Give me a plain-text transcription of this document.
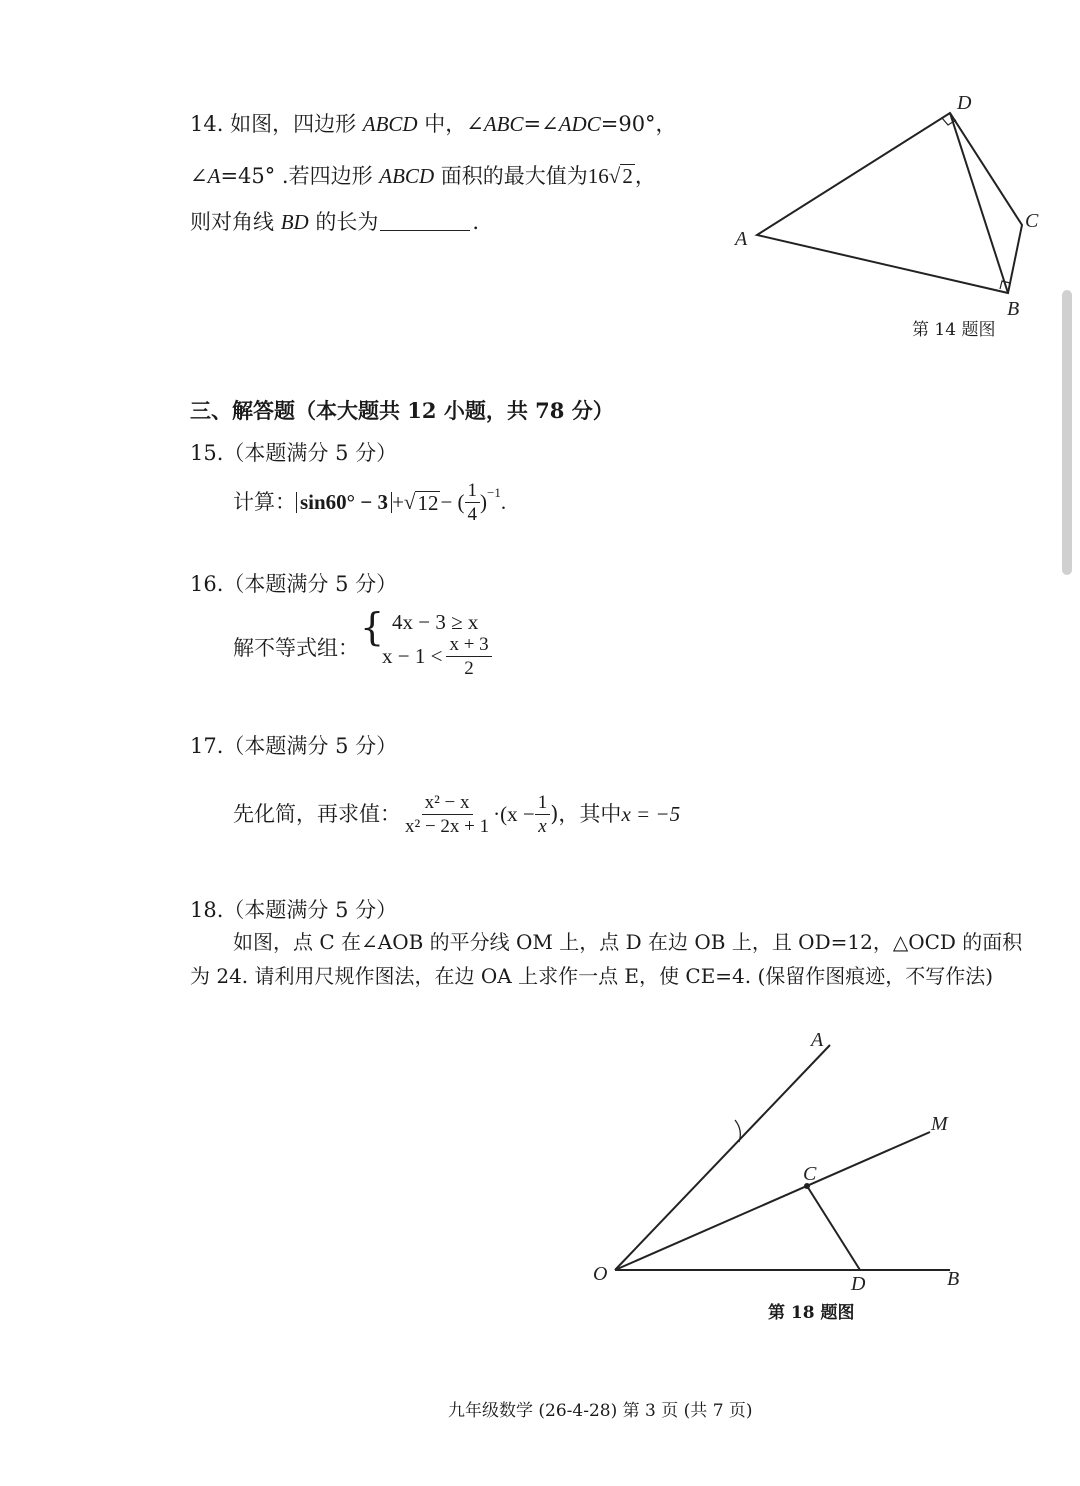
14. 如图，四边形 ABCD 中，∠ABC=∠ADC=90°，
∠A=45° .若四边形 ABCD 面积的最大值为16√2，
则对角线 BD 的长为	.
A
D
C
B
第 14 题图
三、解答题（本大题共 12 小题，共 78 分）
15.（本题满分 5 分）
计算： sin60° − 3 + √ 12 − ( $\frac{1}{4} )^{-1}$ .
16.（本题满分 5 分）
解不等式组： { 4x − 3 ≥ x
$x - 1 < \frac{x + 3}{2}$
17.（本题满分 5 分）
先化简，再求值： $\frac{\text{x² − x}}{\text{x² − 2x + 1}} \cdot(x - \frac{1}{x}$ )，其中 x = −5
18.（本题满分 5 分）
如图，点 C 在∠AOB 的平分线 OM 上，点 D 在边 OB 上，且 OD=12，△OCD 的面积
为 24. 请利用尺规作图法，在边 OA 上求作一点 E，使 CE=4. (保留作图痕迹，不写作法)
A
M
C
O	D	B
第 18 题图
九年级数学 (26-4-28) 第 3 页 (共 7 页)
